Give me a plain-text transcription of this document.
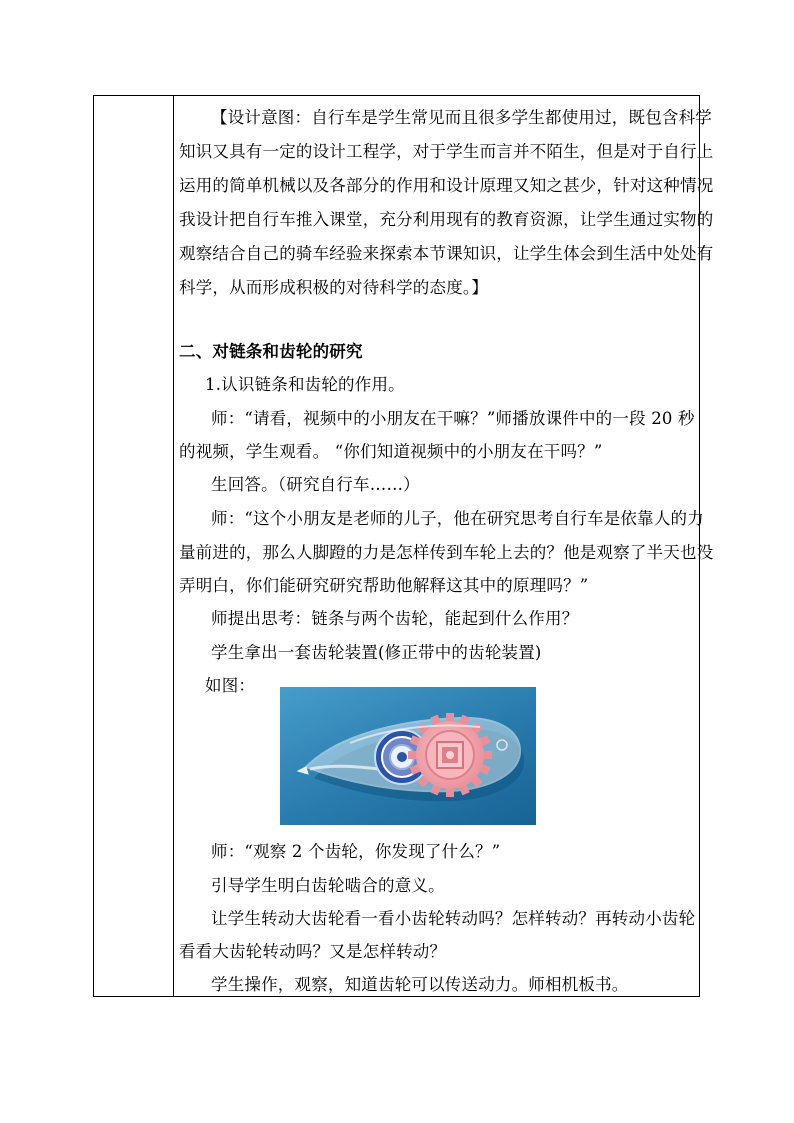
【设计意图：自行车是学生常见而且很多学生都使用过，既包含科学
知识又具有一定的设计工程学，对于学生而言并不陌生，但是对于自行上
运用的简单机械以及各部分的作用和设计原理又知之甚少，针对这种情况
我设计把自行车推入课堂，充分利用现有的教育资源，让学生通过实物的
观察结合自己的骑车经验来探索本节课知识，让学生体会到生活中处处有
科学，从而形成积极的对待科学的态度。】
二、对链条和齿轮的研究
1.认识链条和齿轮的作用。
师：“请看，视频中的小朋友在干嘛？”师播放课件中的一段 20 秒
的视频，学生观看。 “你们知道视频中的小朋友在干吗？”
生回答。（研究自行车……）
师：“这个小朋友是老师的儿子，他在研究思考自行车是依靠人的力
量前进的，那么人脚蹬的力是怎样传到车轮上去的？他是观察了半天也没
弄明白，你们能研究研究帮助他解释这其中的原理吗？”
师提出思考：链条与两个齿轮，能起到什么作用？
学生拿出一套齿轮装置(修正带中的齿轮装置)
如图：
师：“观察 2 个齿轮，你发现了什么？”
引导学生明白齿轮啮合的意义。
让学生转动大齿轮看一看小齿轮转动吗？怎样转动？再转动小齿轮
看看大齿轮转动吗？又是怎样转动？
学生操作，观察，知道齿轮可以传送动力。师相机板书。
